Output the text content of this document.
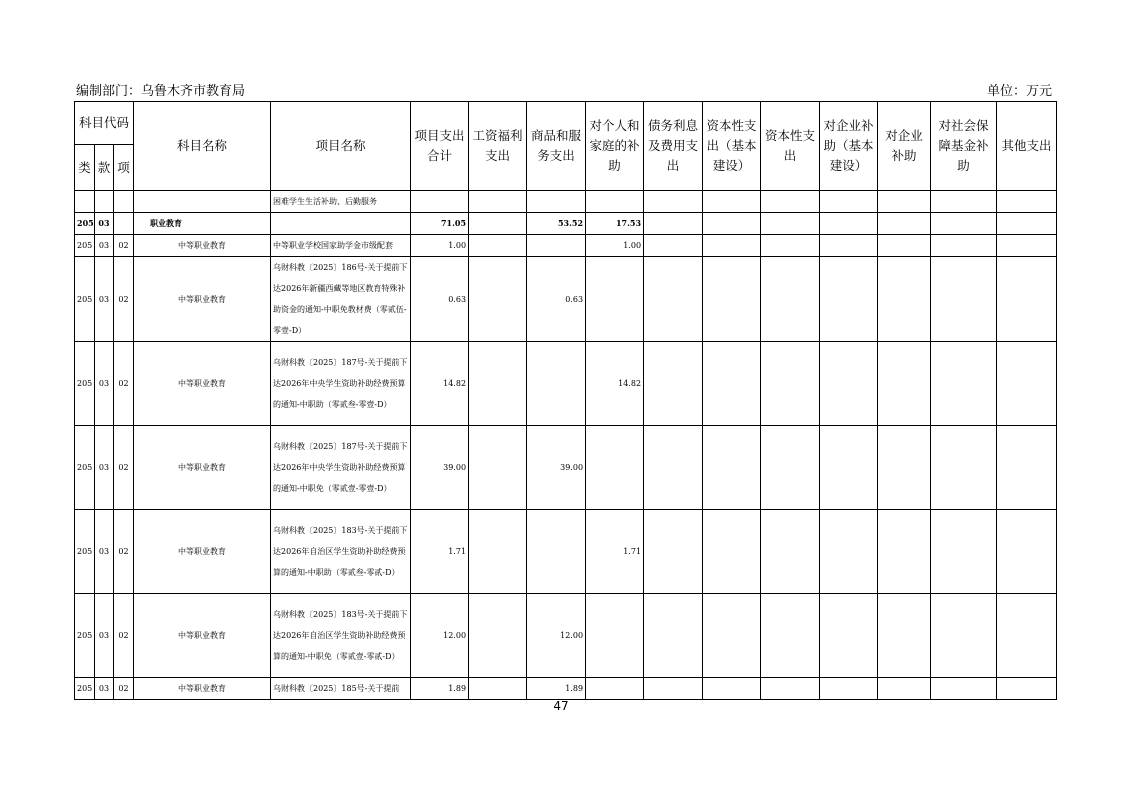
编制部门：乌鲁木齐市教育局	单位：万元
科目代码			科目名称	项目名称	项目支出合计	工资福利支出	商品和服务支出	对个人和家庭的补助	债务利息及费用支出	资本性支出（基本建设）	资本性支出	对企业补助（基本建设）	对企业补助	对社会保障基金补助	其他支出
类	款	项													
				困难学生生活补助、后勤服务											
205	03		职业教育		71.05		53.52	17.53							
205	03	02	中等职业教育	中等职业学校国家助学金市级配套	1.00			1.00							
205	03	02	中等职业教育	乌财科教〔2025〕186号-关于提前下达2026年新疆西藏等地区教育特殊补助资金的通知-中职免教材费（零贰伍-零壹-D）	0.63		0.63								
205	03	02	中等职业教育	乌财科教〔2025〕187号-关于提前下达2026年中央学生资助补助经费预算的通知-中职助（零贰叁-零壹-D）	14.82			14.82							
205	03	02	中等职业教育	乌财科教〔2025〕187号-关于提前下达2026年中央学生资助补助经费预算的通知-中职免（零贰壹-零壹-D）	39.00		39.00								
205	03	02	中等职业教育	乌财科教〔2025〕183号-关于提前下达2026年自治区学生资助补助经费预算的通知-中职助（零贰叁-零贰-D）	1.71			1.71							
205	03	02	中等职业教育	乌财科教〔2025〕183号-关于提前下达2026年自治区学生资助补助经费预算的通知-中职免（零贰壹-零贰-D）	12.00		12.00								
205	03	02	中等职业教育	乌财科教〔2025〕185号-关于提前	1.89		1.89								
47
